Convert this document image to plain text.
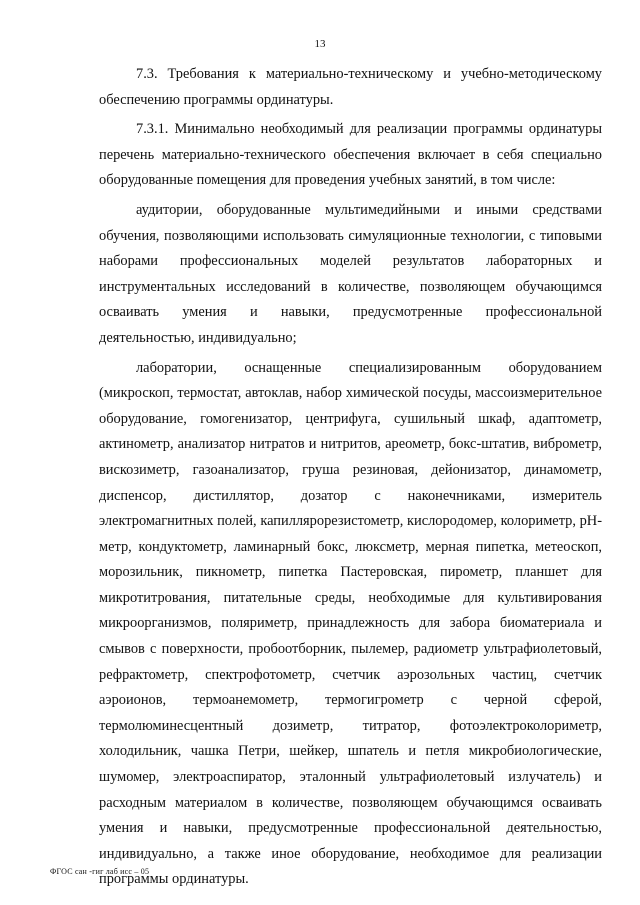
13

7.3. Требования к материально-техническому и учебно-методическому обеспечению программы ординатуры.

7.3.1. Минимально необходимый для реализации программы ординатуры перечень материально-технического обеспечения включает в себя специально оборудованные помещения для проведения учебных занятий, в том числе:

аудитории, оборудованные мультимедийными и иными средствами обучения, позволяющими использовать симуляционные технологии, с типовыми наборами профессиональных моделей результатов лабораторных и инструментальных исследований в количестве, позволяющем обучающимся осваивать умения и навыки, предусмотренные профессиональной деятельностью, индивидуально;

лаборатории, оснащенные специализированным оборудованием (микроскоп, термостат, автоклав, набор химической посуды, массоизмерительное оборудование, гомогенизатор, центрифуга, сушильный шкаф, адаптометр, актинометр, анализатор нитратов и нитритов, ареометр, бокс-штатив, виброметр, вискозиметр, газоанализатор, груша резиновая, дейонизатор, динамометр, диспенсор, дистиллятор, дозатор с наконечниками, измеритель электромагнитных полей, капиллярорезистометр, кислородомер, колориметр, рН-метр, кондуктометр, ламинарный бокс, люксметр, мерная пипетка, метеоскоп, морозильник, пикнометр, пипетка Пастеровская, пирометр, планшет для микротитрования, питательные среды, необходимые для культивирования микроорганизмов, поляриметр, принадлежность для забора биоматериала и смывов с поверхности, пробоотборник, пылемер, радиометр ультрафиолетовый, рефрактометр, спектрофотометр, счетчик аэрозольных частиц, счетчик аэроионов, термоанемометр, термогигрометр с черной сферой, термолюминесцентный дозиметр, титратор, фотоэлектроколориметр, холодильник, чашка Петри, шейкер, шпатель и петля микробиологические, шумомер, электроаспиратор, эталонный ультрафиолетовый излучатель) и расходным материалом в количестве, позволяющем обучающимся осваивать умения и навыки, предусмотренные профессиональной деятельностью, индивидуально, а также иное оборудование, необходимое для реализации программы ординатуры.

ФГОС сан -гиг лаб исс – 05
